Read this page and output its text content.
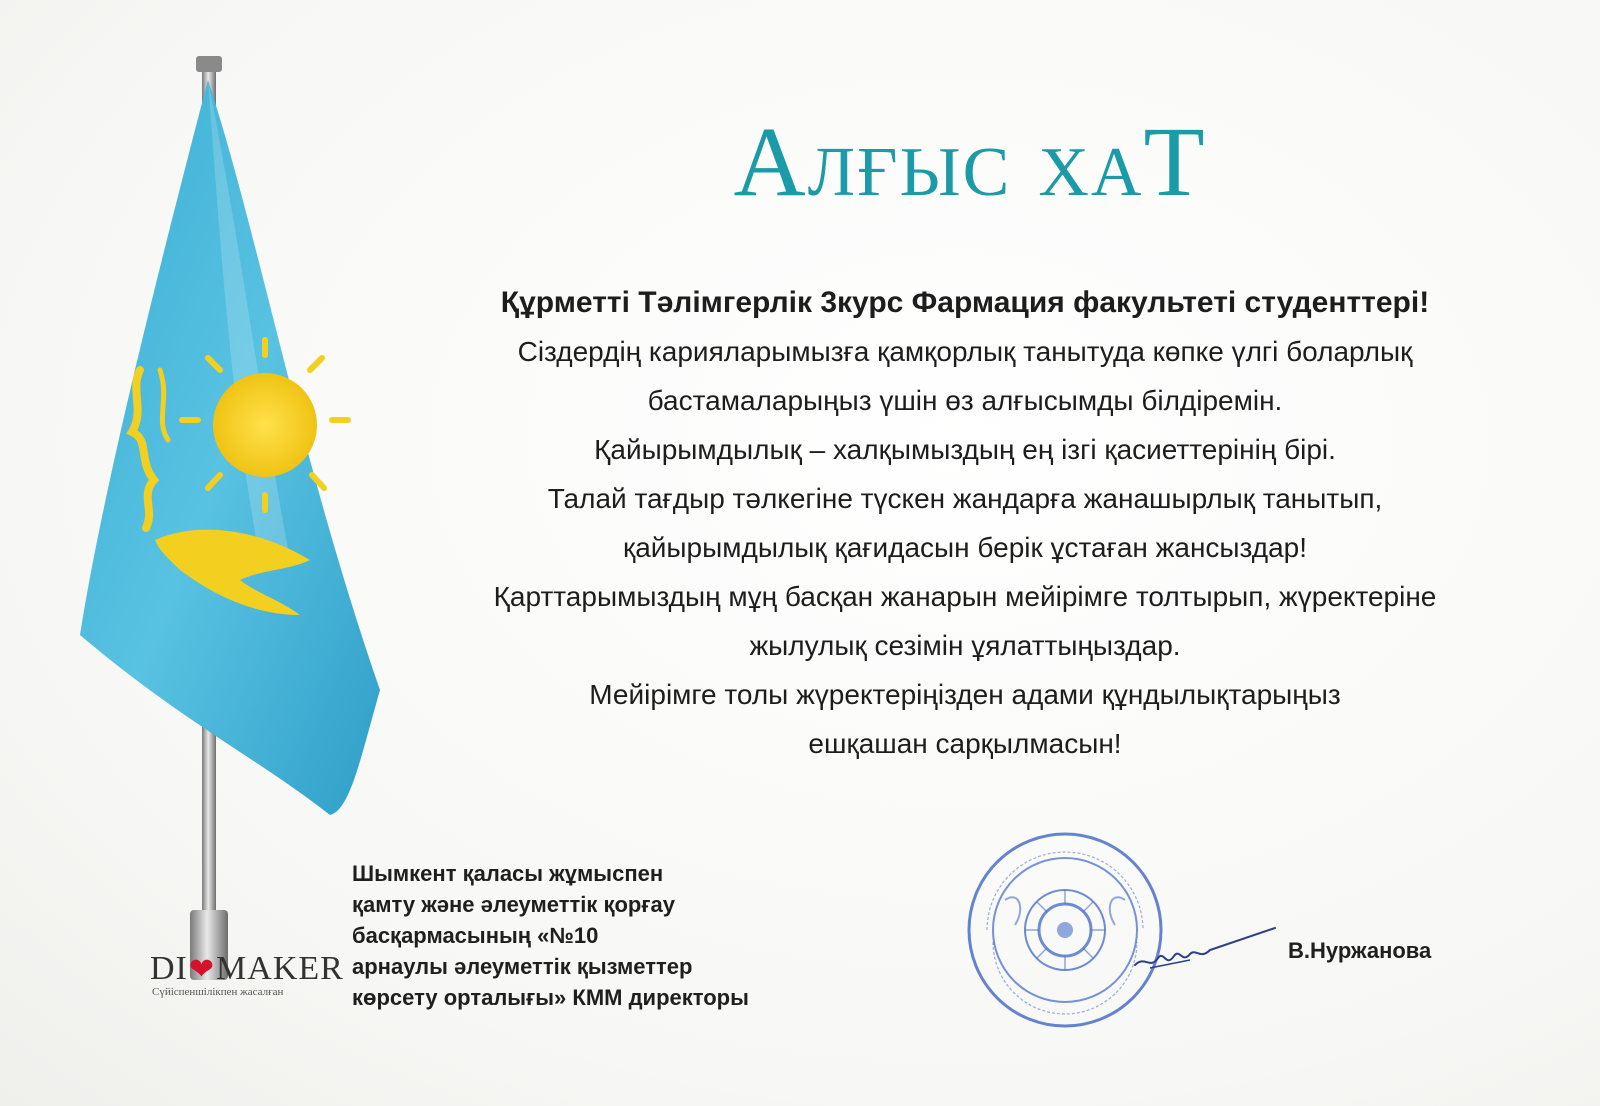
Алғыс хаТ
Құрметті Тәлімгерлік 3курс Фармация факультеті студенттері!
Сіздердің карияларымызға қамқорлық танытуда көпке үлгі боларлық
бастамаларыңыз үшін өз алғысымды білдіремін.
Қайырымдылық – халқымыздың ең ізгі қасиеттерінің бірі.
Талай тағдыр тәлкегіне түскен жандарға жанашырлық танытып,
қайырымдылық қағидасын берік ұстаған жансыздар!
Қарттарымыздың мұң басқан жанарын мейірімге толтырып, жүректеріне
жылулық сезімін ұялаттыңыздар.
Мейірімге толы жүректеріңізден адами құндылықтарыңыз
ешқашан сарқылмасын!
Шымкент қаласы жұмыспен
қамту және әлеуметтік қорғау
басқармасының «№10
арнаулы әлеуметтік қызметтер
көрсету орталығы» КММ директоры
В.Нуржанова
DI ❤ MAKER
Сүйіспеншілікпен жасалған
